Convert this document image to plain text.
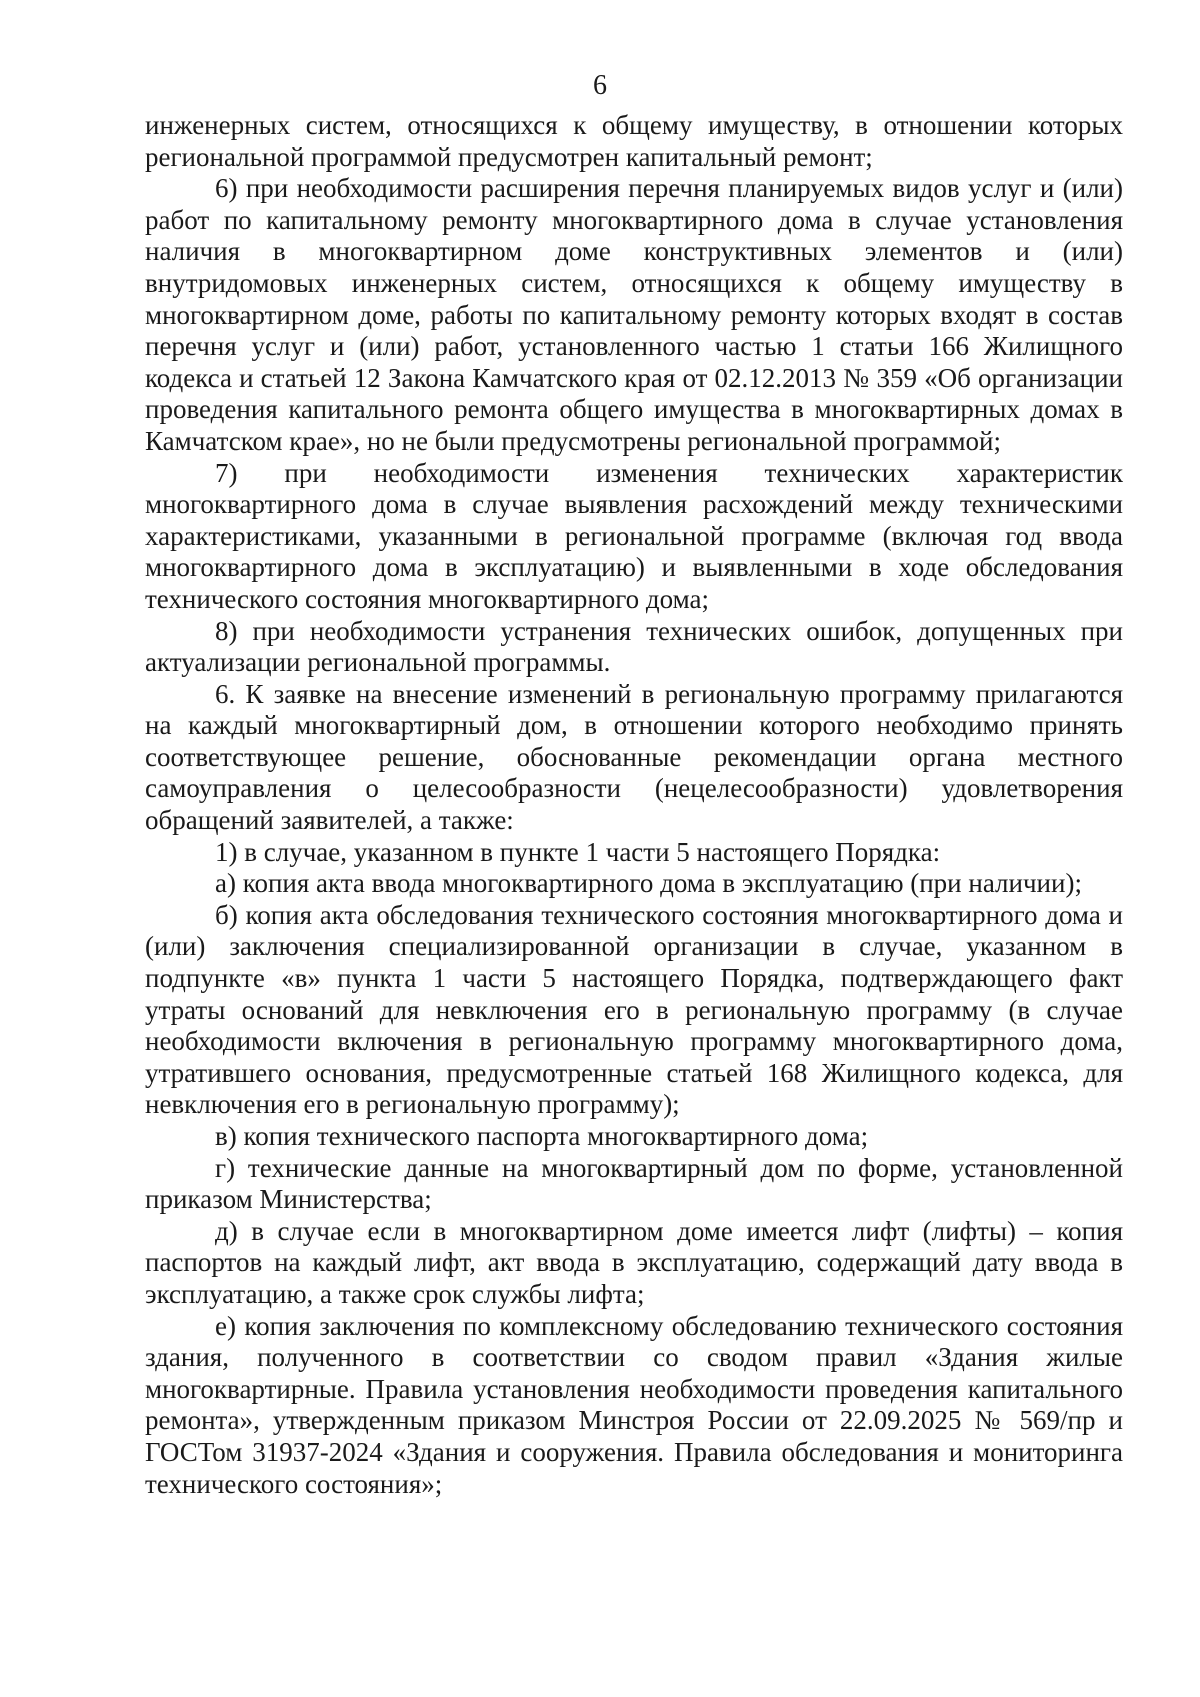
6

инженерных систем, относящихся к общему имуществу, в отношении которых региональной программой предусмотрен капитальный ремонт;

6) при необходимости расширения перечня планируемых видов услуг и (или) работ по капитальному ремонту многоквартирного дома в случае установления наличия в многоквартирном доме конструктивных элементов и (или) внутридомовых инженерных систем, относящихся к общему имуществу в многоквартирном доме, работы по капитальному ремонту которых входят в состав перечня услуг и (или) работ, установленного частью 1 статьи 166 Жилищного кодекса и статьей 12 Закона Камчатского края от 02.12.2013 № 359 «Об организации проведения капитального ремонта общего имущества в многоквартирных домах в Камчатском крае», но не были предусмотрены региональной программой;

7) при необходимости изменения технических характеристик многоквартирного дома в случае выявления расхождений между техническими характеристиками, указанными в региональной программе (включая год ввода многоквартирного дома в эксплуатацию) и выявленными в ходе обследования технического состояния многоквартирного дома;

8) при необходимости устранения технических ошибок, допущенных при актуализации региональной программы.

6. К заявке на внесение изменений в региональную программу прилагаются на каждый многоквартирный дом, в отношении которого необходимо принять соответствующее решение, обоснованные рекомендации органа местного самоуправления о целесообразности (нецелесообразности) удовлетворения обращений заявителей, а также:

1) в случае, указанном в пункте 1 части 5 настоящего Порядка:

а) копия акта ввода многоквартирного дома в эксплуатацию (при наличии);

б) копия акта обследования технического состояния многоквартирного дома и (или) заключения специализированной организации в случае, указанном в подпункте «в» пункта 1 части 5 настоящего Порядка, подтверждающего факт утраты оснований для невключения его в региональную программу (в случае необходимости включения в региональную программу многоквартирного дома, утратившего основания, предусмотренные статьей 168 Жилищного кодекса, для невключения его в региональную программу);

в) копия технического паспорта многоквартирного дома;

г) технические данные на многоквартирный дом по форме, установленной приказом Министерства;

д) в случае если в многоквартирном доме имеется лифт (лифты) – копия паспортов на каждый лифт, акт ввода в эксплуатацию, содержащий дату ввода в эксплуатацию, а также срок службы лифта;

е) копия заключения по комплексному обследованию технического состояния здания, полученного в соответствии со сводом правил «Здания жилые многоквартирные. Правила установления необходимости проведения капитального ремонта», утвержденным приказом Минстроя России от 22.09.2025 № 569/пр и ГОСТом 31937-2024 «Здания и сооружения. Правила обследования и мониторинга технического состояния»;
